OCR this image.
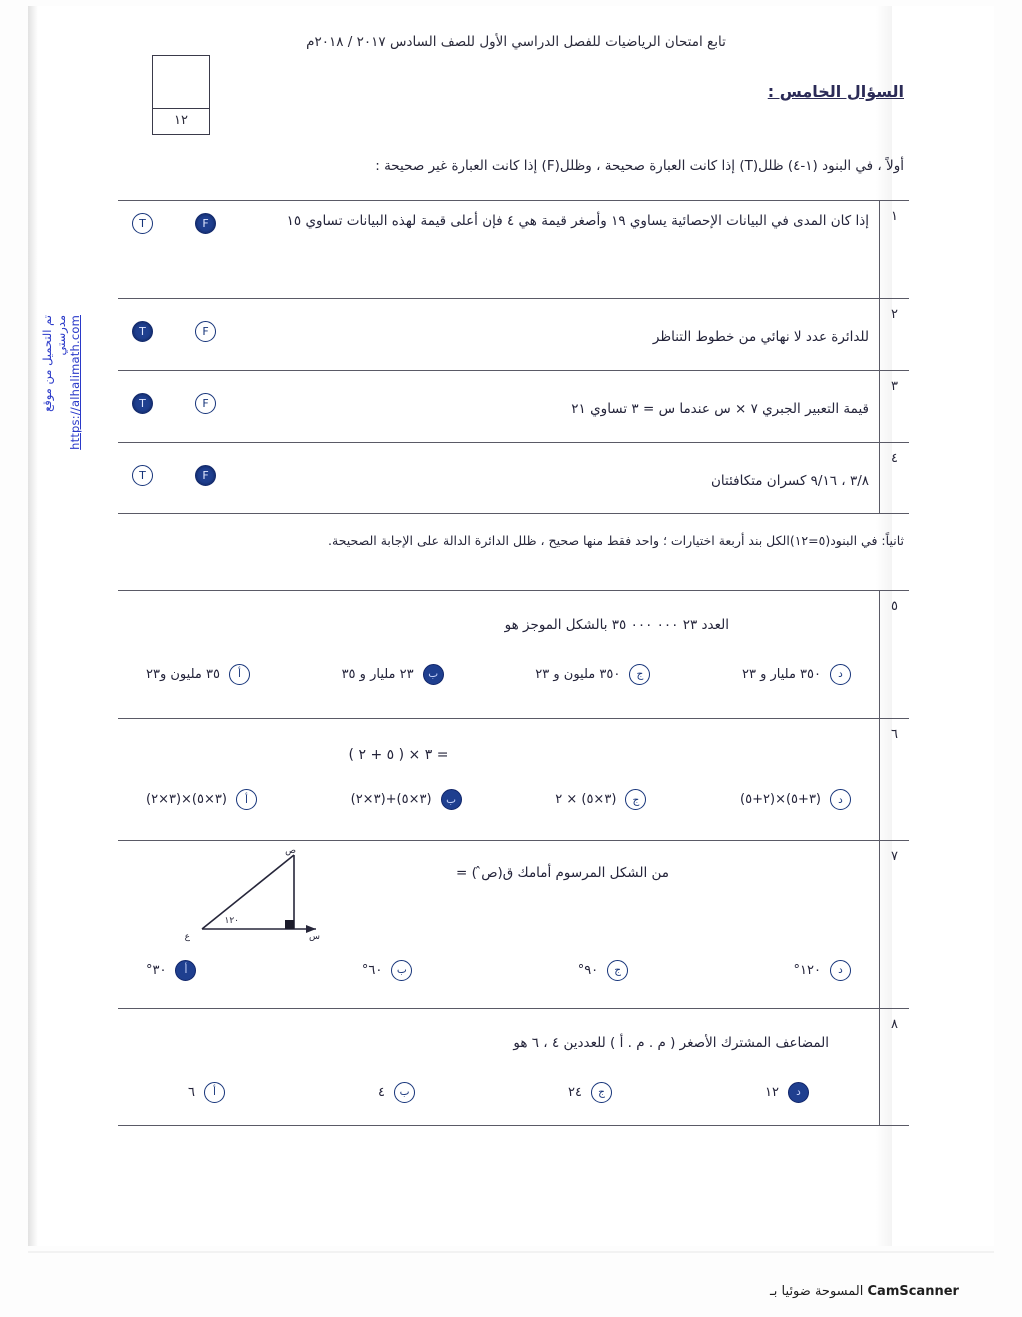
تابع امتحان الرياضيات للفصل الدراسي الأول للصف السادس ٢٠١٧ / ٢٠١٨م
١٢
السؤال الخامس :
أولاً ، في البنود (١-٤) ظلل(T) إذا كانت العبارة صحيحة ، وظلل(F) إذا كانت العبارة غير صحيحة :
١
إذا كان المدى في البيانات الإحصائية يساوي ١٩ وأصغر قيمة هي ٤ فإن أعلى قيمة لهذه البيانات تساوي ١٥
F
T
٢
للدائرة عدد لا نهائي من خطوط التناظر
F
T
٣
قيمة التعبير الجبري ٧ × س عندما س = ٣ تساوي ٢١
F
T
٤
٣/٨ ، ٩/١٦ كسران متكافئتان
F
T
ثانياً: في البنود(٥=١٢)الكل بند أربعة اختيارات ؛ واحد فقط منها صحيح ، ظلل الدائرة الدالة على الإجابة الصحيحة.
٥
العدد ٢٣ ٠٠٠ ٠٠٠ ٣٥ بالشكل الموجز هو
د
٣٥٠ مليار و ٢٣
ج
٣٥٠ مليون و ٢٣
ب
٢٣ مليار و ٣٥
أ
٣٥ مليون و٢٣
٦
٣ × ( ٥ + ٢ ) =
د
(٣+٥)×(٢+٥)
ج
(٣×٥) × ٢
ب
(٣×٥)+(٣×٢)
أ
(٣×٥)×(٣×٢)
٧
من الشكل المرسوم أمامك ق(ص̂ ) =
ص
ع	س
١٢٠
د
١٢٠°
ج
٩٠°
ب
٦٠°
أ
٣٠°
٨
المضاعف المشترك الأصغر ( م . م . أ ) للعددين ٤ ، ٦ هو
د
١٢
ج
٢٤
ب
٤
أ
٦
تم التحميل من موقع مدرستي https://alhalimath.com
CamScanner المسوحة ضوئيا بـ
